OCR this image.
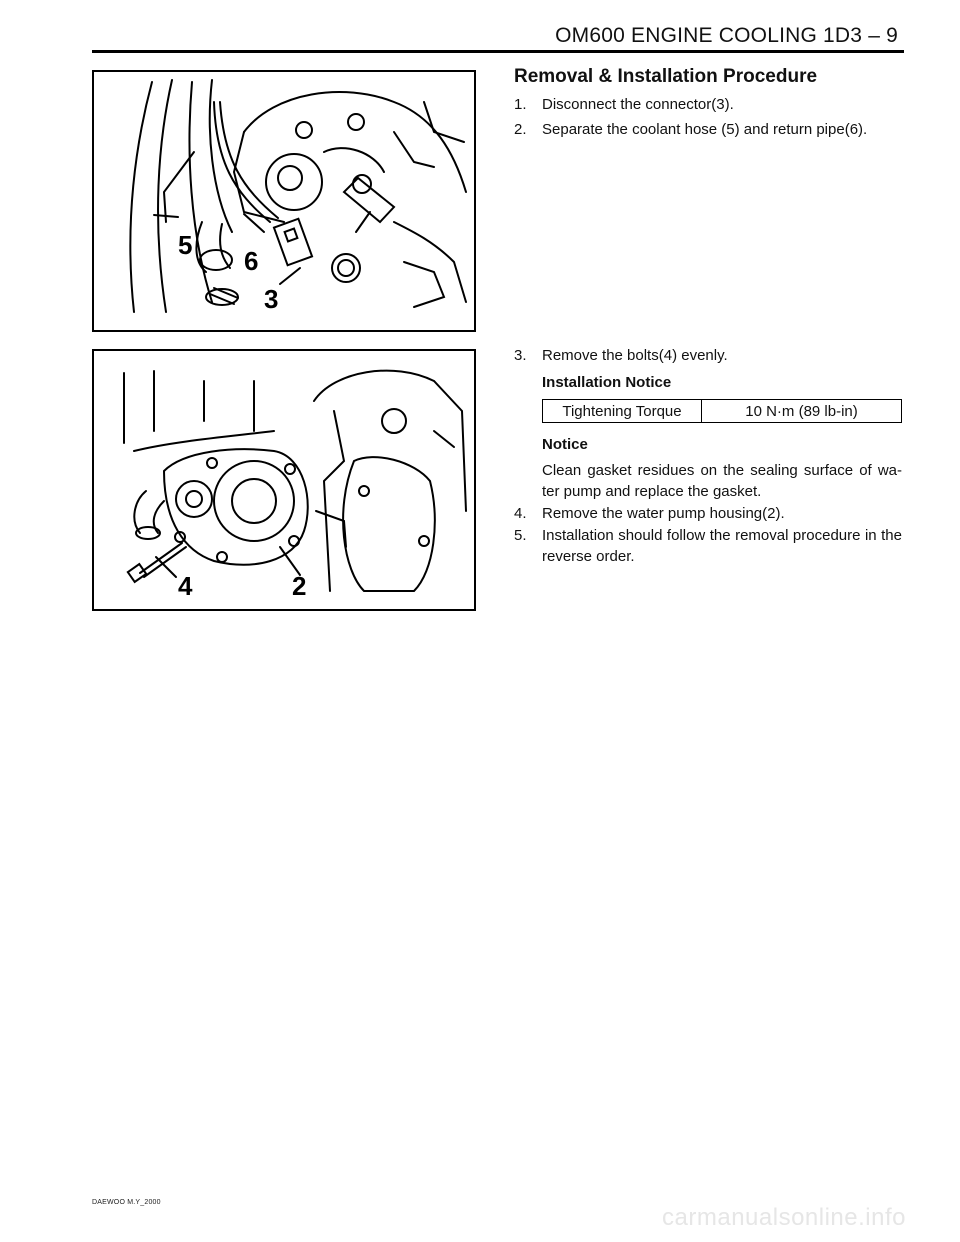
OM600 ENGINE COOLING 1D3 – 9
5
6
3
4	2
Removal & Installation Procedure
1. Disconnect the connector(3).
2. Separate the coolant hose (5) and return pipe(6).
3. Remove the bolts(4) evenly.
Installation Notice
Tightening Torque	10 N·m (89 lb-in)
Notice
Clean gasket residues on the sealing surface of wa-ter pump and replace the gasket.
4. Remove the water pump housing(2).
5. Installation should follow the removal procedure in the reverse order.
DAEWOO M.Y_2000
carmanualsonline.info
